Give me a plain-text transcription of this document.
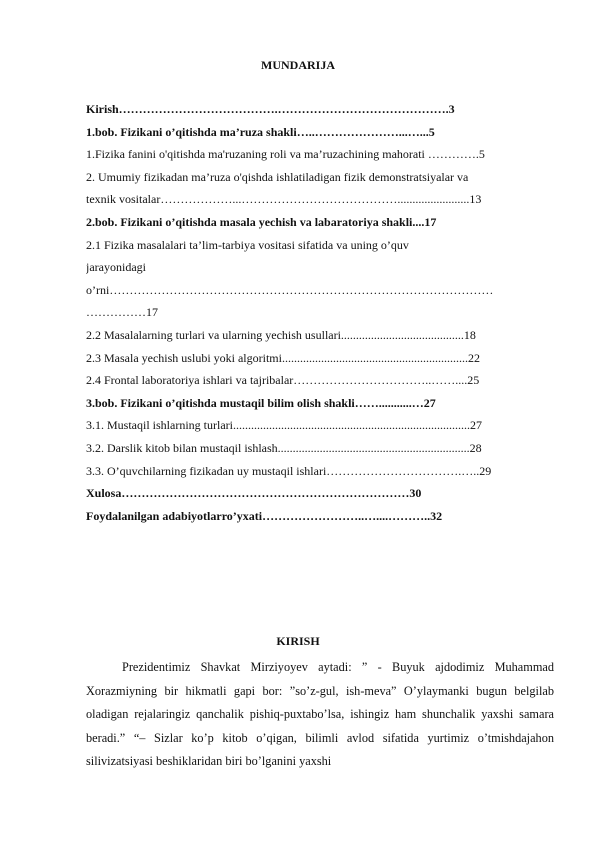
MUNDARIJA
Kirish………………………………….…………………………………….3
1.bob. Fizikani o’qitishda ma’ruza shakli…..…………………...…...5
1.Fizika fanini o'qitishda ma'ruzaning roli va ma’ruzachining mahorati ………….5
2. Umumiy fizikadan ma’ruza o'qishda ishlatiladigan fizik demonstratsiyalar va
texnik vositalar………………...…………………………………........................13
2.bob. Fizikani o’qitishda masala yechish va labaratoriya shakli....17
2.1 Fizika masalalari ta’lim-tarbiya vositasi sifatida va uning o’quv
jarayonidagi
o’rni……………………………………………………………………………………
……………17
2.2 Masalalarning turlari va ularning yechish usullari.........................................18
2.3 Masala yechish uslubi yoki algoritmi..............................................................22
2.4 Frontal laboratoriya ishlari va tajribalar……………………………..……....25
3.bob. Fizikani o’qitishda mustaqil bilim olish shakli……...........…27
3.1. Mustaqil ishlarning turlari...............................................................................27
3.2. Darslik kitob bilan mustaqil ishlash................................................................28
3.3. O’quvchilarning fizikadan uy mustaqil ishlari…………………………….…..29
Xulosa………………………………………………………………30
Foydalanilgan adabiyotlarro’yxati……………………..…....………..32
KIRISH

Prezidentimiz Shavkat Mirziyoyev aytadi: ” - Buyuk ajdodimiz Muhammad Xorazmiyning bir hikmatli gapi bor: ”so’z-gul, ish-meva” O’ylaymanki bugun belgilab oladigan rejalaringiz qanchalik pishiq-puxtabo’lsa, ishingiz ham shunchalik yaxshi samara beradi.” “– Sizlar ko’p kitob o’qigan, bilimli avlod sifatida yurtimiz o’tmishdajahon silivizatsiyasi beshiklaridan biri bo’lganini yaxshi
